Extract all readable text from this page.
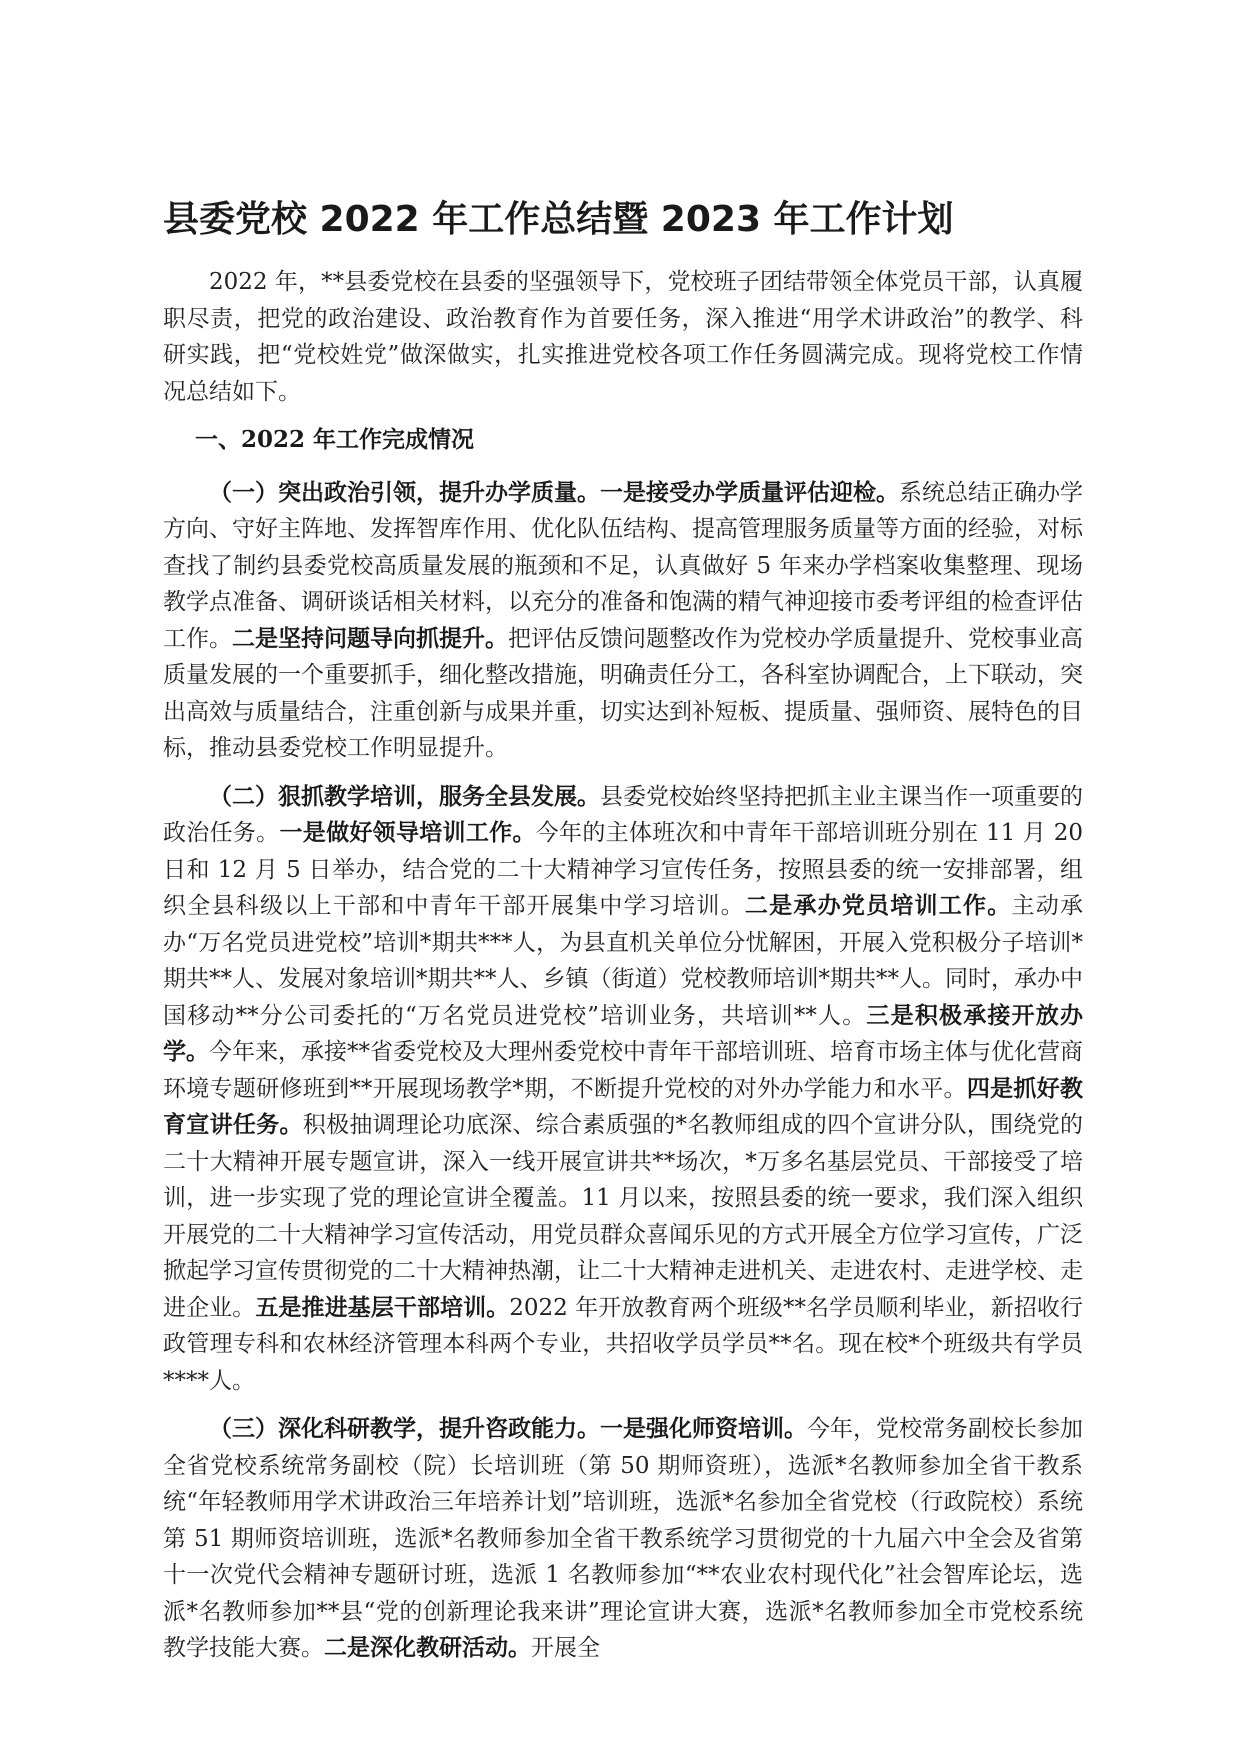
县委党校 2022 年工作总结暨 2023 年工作计划

2022 年，**县委党校在县委的坚强领导下，党校班子团结带领全体党员干部，认真履职尽责，把党的政治建设、政治教育作为首要任务，深入推进“用学术讲政治”的教学、科研实践，把“党校姓党”做深做实，扎实推进党校各项工作任务圆满完成。现将党校工作情况总结如下。

一、2022 年工作完成情况

（一）突出政治引领，提升办学质量。一是接受办学质量评估迎检。系统总结正确办学方向、守好主阵地、发挥智库作用、优化队伍结构、提高管理服务质量等方面的经验，对标查找了制约县委党校高质量发展的瓶颈和不足，认真做好 5 年来办学档案收集整理、现场教学点准备、调研谈话相关材料，以充分的准备和饱满的精气神迎接市委考评组的检查评估工作。二是坚持问题导向抓提升。把评估反馈问题整改作为党校办学质量提升、党校事业高质量发展的一个重要抓手，细化整改措施，明确责任分工，各科室协调配合，上下联动，突出高效与质量结合，注重创新与成果并重，切实达到补短板、提质量、强师资、展特色的目标，推动县委党校工作明显提升。

（二）狠抓教学培训，服务全县发展。县委党校始终坚持把抓主业主课当作一项重要的政治任务。一是做好领导培训工作。今年的主体班次和中青年干部培训班分别在 11 月 20 日和 12 月 5 日举办，结合党的二十大精神学习宣传任务，按照县委的统一安排部署，组织全县科级以上干部和中青年干部开展集中学习培训。二是承办党员培训工作。主动承办“万名党员进党校”培训*期共***人，为县直机关单位分忧解困，开展入党积极分子培训*期共**人、发展对象培训*期共**人、乡镇（街道）党校教师培训*期共**人。同时，承办中国移动**分公司委托的“万名党员进党校”培训业务，共培训**人。三是积极承接开放办学。今年来，承接**省委党校及大理州委党校中青年干部培训班、培育市场主体与优化营商环境专题研修班到**开展现场教学*期，不断提升党校的对外办学能力和水平。四是抓好教育宣讲任务。积极抽调理论功底深、综合素质强的*名教师组成的四个宣讲分队，围绕党的二十大精神开展专题宣讲，深入一线开展宣讲共**场次，*万多名基层党员、干部接受了培训，进一步实现了党的理论宣讲全覆盖。11 月以来，按照县委的统一要求，我们深入组织开展党的二十大精神学习宣传活动，用党员群众喜闻乐见的方式开展全方位学习宣传，广泛掀起学习宣传贯彻党的二十大精神热潮，让二十大精神走进机关、走进农村、走进学校、走进企业。五是推进基层干部培训。2022 年开放教育两个班级**名学员顺利毕业，新招收行政管理专科和农林经济管理本科两个专业，共招收学员学员**名。现在校*个班级共有学员****人。

（三）深化科研教学，提升咨政能力。一是强化师资培训。今年，党校常务副校长参加全省党校系统常务副校（院）长培训班（第 50 期师资班），选派*名教师参加全省干教系统“年轻教师用学术讲政治三年培养计划”培训班，选派*名参加全省党校（行政院校）系统第 51 期师资培训班，选派*名教师参加全省干教系统学习贯彻党的十九届六中全会及省第十一次党代会精神专题研讨班，选派 1 名教师参加“**农业农村现代化”社会智库论坛，选派*名教师参加**县“党的创新理论我来讲”理论宣讲大赛，选派*名教师参加全市党校系统教学技能大赛。二是深化教研活动。开展全
